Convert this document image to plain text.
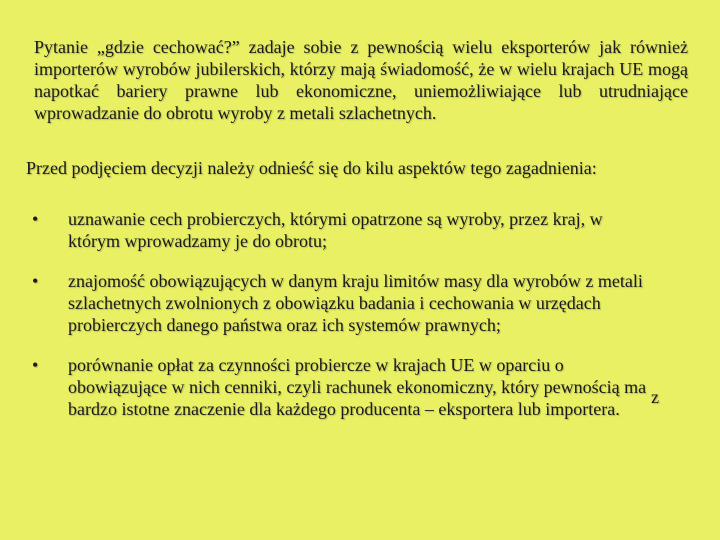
Pytanie „gdzie cechować?” zadaje sobie z pewnością wielu eksporterów jak również importerów wyrobów jubilerskich, którzy mają świadomość, że w wielu krajach UE mogą napotkać bariery prawne lub ekonomiczne, uniemożliwiające lub utrudniające wprowadzanie do obrotu wyroby z metali szlachetnych.

Przed podjęciem decyzji należy odnieść się do kilu aspektów tego zagadnienia:

• uznawanie cech probierczych, którymi opatrzone są wyroby, przez kraj, w którym wprowadzamy je do obrotu;
• znajomość obowiązujących w danym kraju limitów masy dla wyrobów z metali szlachetnych zwolnionych z obowiązku badania i cechowania w urzędach probierczych danego państwa oraz ich systemów prawnych;
• porównanie opłat za czynności probiercze w krajach UE w oparciu o obowiązujące w nich cenniki, czyli rachunek ekonomiczny, który pewnością ma bardzo istotne znaczenie dla każdego producenta – eksportera lub importera.
z
